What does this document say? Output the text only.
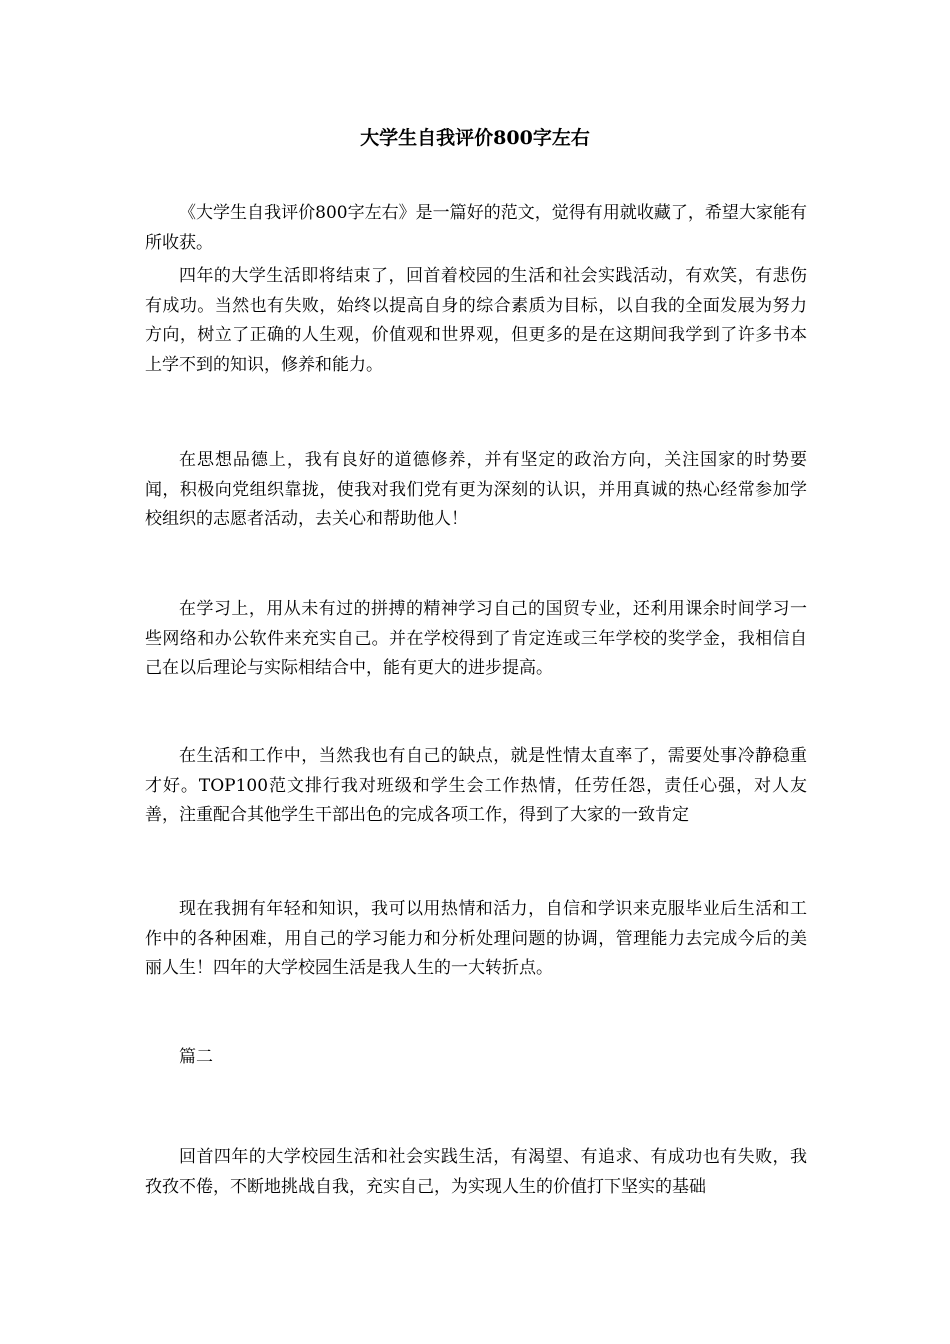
大学生自我评价800字左右

《大学生自我评价800字左右》是一篇好的范文，觉得有用就收藏了，希望大家能有所收获。

四年的大学生活即将结束了，回首着校园的生活和社会实践活动，有欢笑，有悲伤有成功。当然也有失败，始终以提高自身的综合素质为目标，以自我的全面发展为努力方向，树立了正确的人生观，价值观和世界观，但更多的是在这期间我学到了许多书本上学不到的知识，修养和能力。

在思想品德上，我有良好的道德修养，并有坚定的政治方向，关注国家的时势要闻，积极向党组织靠拢，使我对我们党有更为深刻的认识，并用真诚的热心经常参加学校组织的志愿者活动，去关心和帮助他人！

在学习上，用从未有过的拼搏的精神学习自己的国贸专业，还利用课余时间学习一些网络和办公软件来充实自己。并在学校得到了肯定连或三年学校的奖学金，我相信自己在以后理论与实际相结合中，能有更大的进步提高。

在生活和工作中，当然我也有自己的缺点，就是性情太直率了，需要处事冷静稳重才好。TOP100范文排行我对班级和学生会工作热情，任劳任怨，责任心强，对人友善，注重配合其他学生干部出色的完成各项工作，得到了大家的一致肯定

现在我拥有年轻和知识，我可以用热情和活力，自信和学识来克服毕业后生活和工作中的各种困难，用自己的学习能力和分析处理问题的协调，管理能力去完成今后的美丽人生！四年的大学校园生活是我人生的一大转折点。

篇二

回首四年的大学校园生活和社会实践生活，有渴望、有追求、有成功也有失败，我孜孜不倦，不断地挑战自我，充实自己，为实现人生的价值打下坚实的基础
